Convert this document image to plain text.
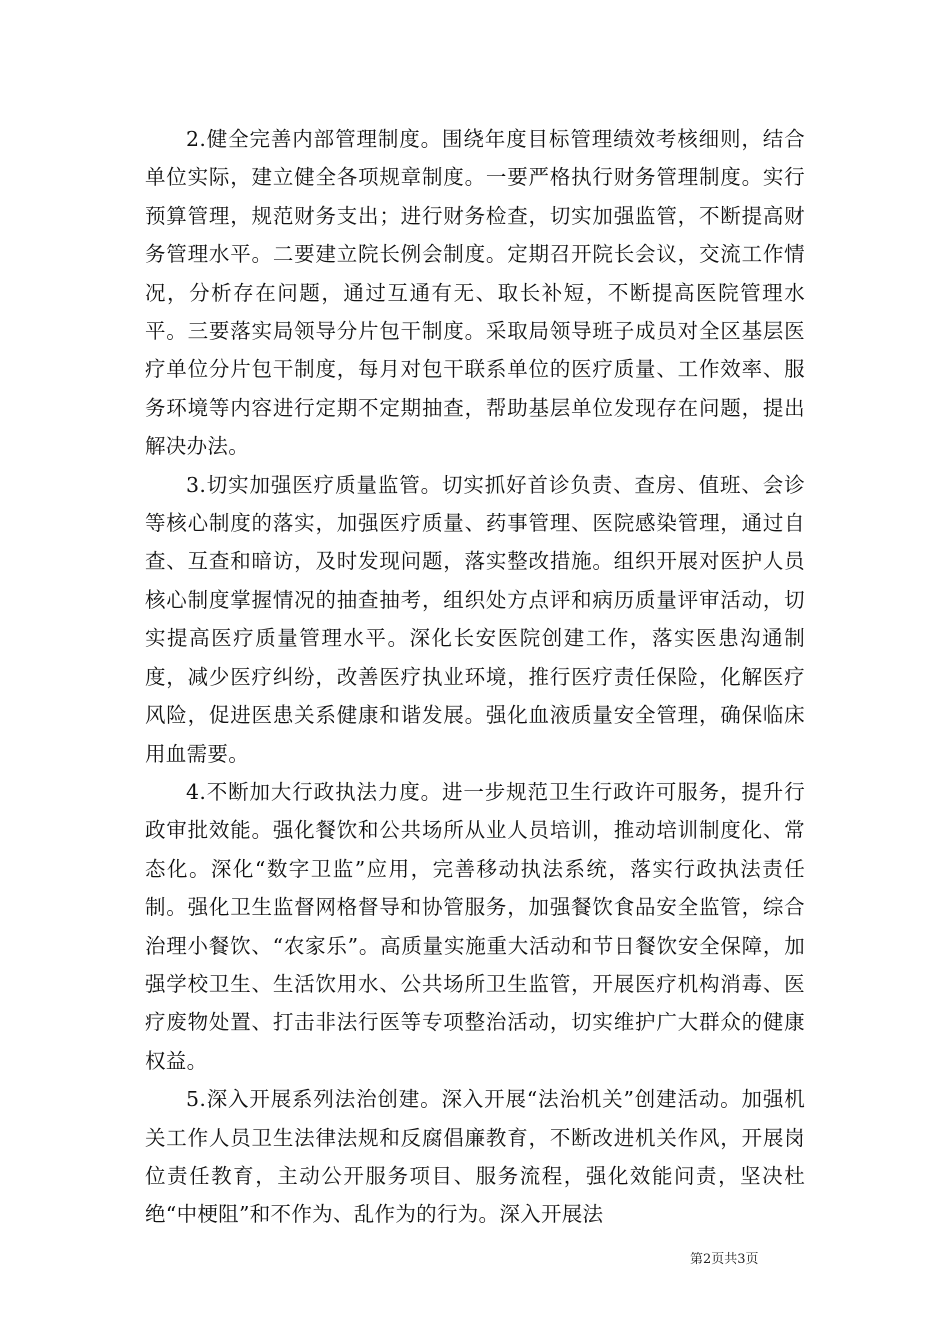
2.健全完善内部管理制度。围绕年度目标管理绩效考核细则，结合单位实际，建立健全各项规章制度。一要严格执行财务管理制度。实行预算管理，规范财务支出；进行财务检查，切实加强监管，不断提高财务管理水平。二要建立院长例会制度。定期召开院长会议，交流工作情况，分析存在问题，通过互通有无、取长补短，不断提高医院管理水平。三要落实局领导分片包干制度。采取局领导班子成员对全区基层医疗单位分片包干制度，每月对包干联系单位的医疗质量、工作效率、服务环境等内容进行定期不定期抽查，帮助基层单位发现存在问题，提出解决办法。

3.切实加强医疗质量监管。切实抓好首诊负责、查房、值班、会诊等核心制度的落实，加强医疗质量、药事管理、医院感染管理，通过自查、互查和暗访，及时发现问题，落实整改措施。组织开展对医护人员核心制度掌握情况的抽查抽考，组织处方点评和病历质量评审活动，切实提高医疗质量管理水平。深化长安医院创建工作，落实医患沟通制度，减少医疗纠纷，改善医疗执业环境，推行医疗责任保险，化解医疗风险，促进医患关系健康和谐发展。强化血液质量安全管理，确保临床用血需要。

4.不断加大行政执法力度。进一步规范卫生行政许可服务，提升行政审批效能。强化餐饮和公共场所从业人员培训，推动培训制度化、常态化。深化“数字卫监”应用，完善移动执法系统，落实行政执法责任制。强化卫生监督网格督导和协管服务，加强餐饮食品安全监管，综合治理小餐饮、“农家乐”。高质量实施重大活动和节日餐饮安全保障，加强学校卫生、生活饮用水、公共场所卫生监管，开展医疗机构消毒、医疗废物处置、打击非法行医等专项整治活动，切实维护广大群众的健康权益。

5.深入开展系列法治创建。深入开展“法治机关”创建活动。加强机关工作人员卫生法律法规和反腐倡廉教育，不断改进机关作风，开展岗位责任教育，主动公开服务项目、服务流程，强化效能问责，坚决杜绝“中梗阻”和不作为、乱作为的行为。深入开展法

第2页共3页
